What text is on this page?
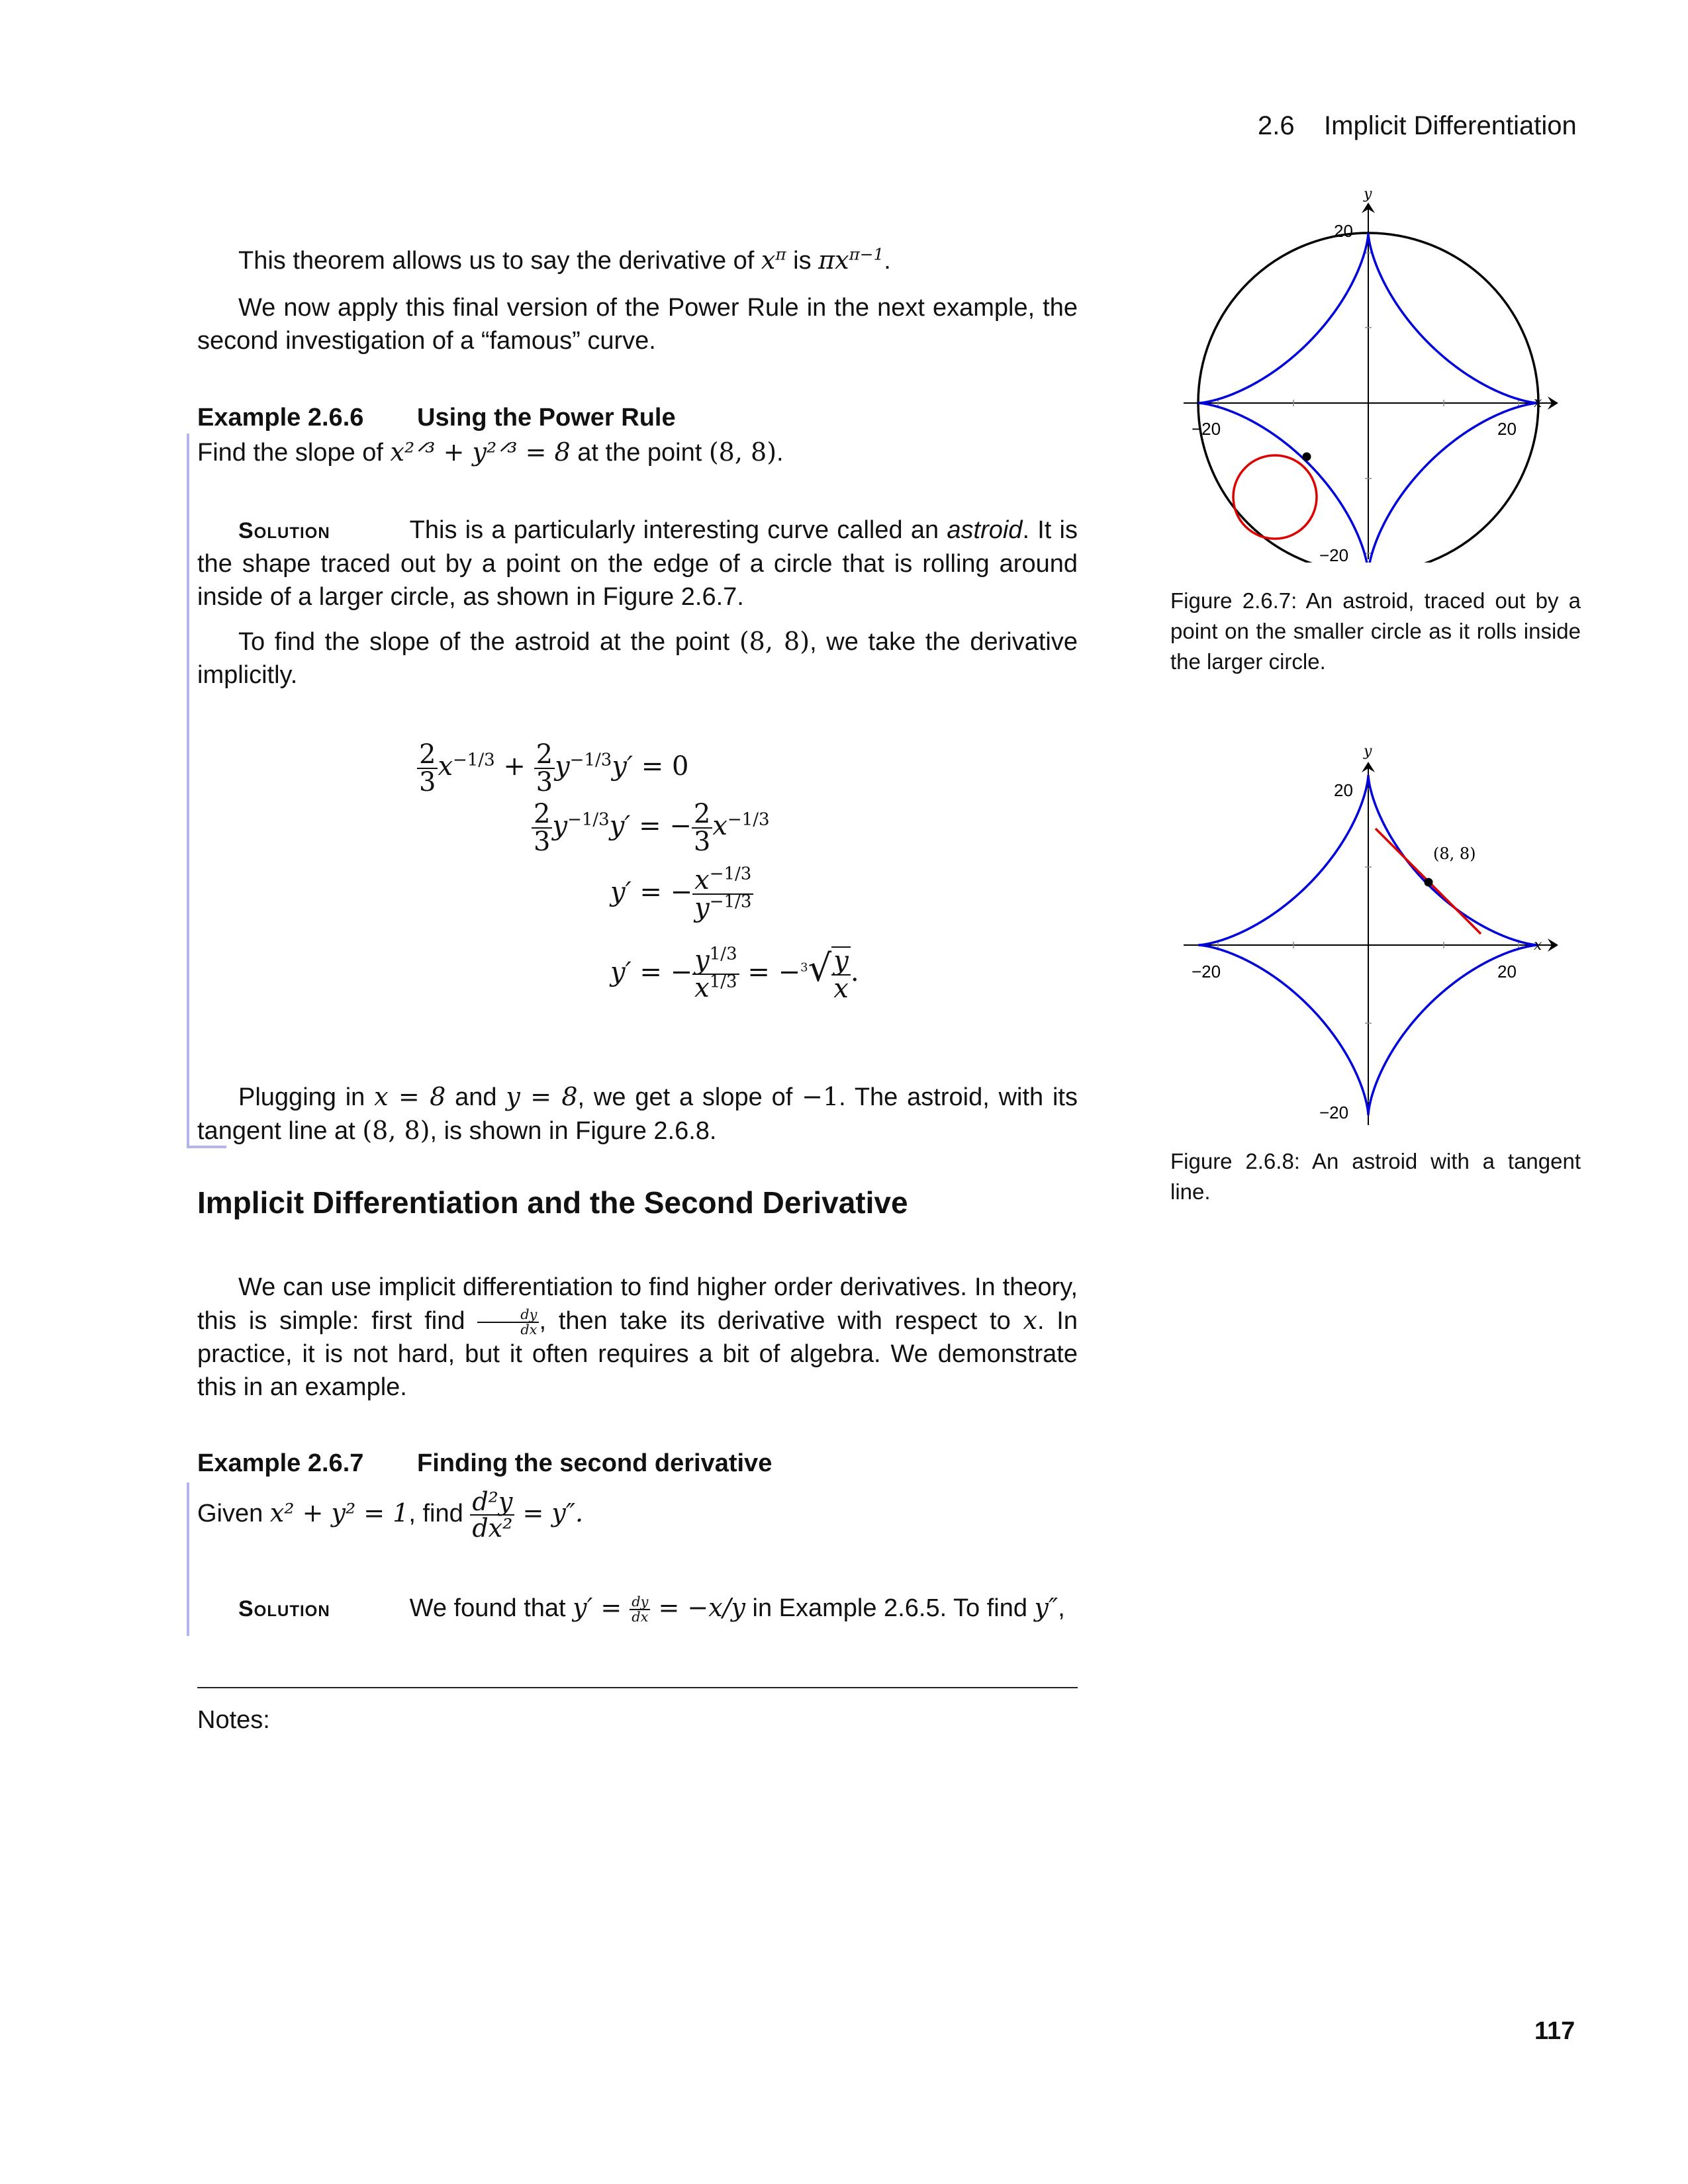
2.6    Implicit Differentiation
This theorem allows us to say the derivative of $x^\pi$ is $\pi x^{\pi-1}$.
We now apply this final version of the Power Rule in the next example, the second investigation of a “famous” curve.
Example 2.6.6 Using the Power Rule
Find the slope of x²ᐟ³ + y²ᐟ³ = 8 at the point (8, 8).
Solution	This is a particularly interesting curve called an astroid. It is the shape traced out by a point on the edge of a circle that is rolling around inside of a larger circle, as shown in Figure 2.6.7.
To find the slope of the astroid at the point (8, 8), we take the derivative implicitly.
$\frac{2}{3} x^{-1/3} + \frac{2}{3} y^{-1/3}y' = 0$
$\frac{2}{3} y^{-1/3}y'$ = − $\frac{2}{3} x^{-1/3}$
y′ = − $\frac{x^{-1/3}}{y^{-1/3}}$
y′ = − $\frac{y^{1/3}}{x^{1/3}} = -^3√ \frac{y}{x}$ .
Plugging in x = 8 and y = 8, we get a slope of −1. The astroid, with its tangent line at (8, 8), is shown in Figure 2.6.8.
Implicit Differentiation and the Second Derivative
We can use implicit differentiation to find higher order derivatives. In theory, this is simple: first find $\frac{dy}{dx}$ , then take its derivative with respect to x. In practice, it is not hard, but it often requires a bit of algebra. We demonstrate this in an example.
Example 2.6.7 Finding the second derivative
Given x² + y² = 1, find $\frac{\text{d²y}}{\text{dx²}} = y''$.
Solution	We found that $y' = \frac{dy}{dx} = -x/y$ in Example 2.6.5. To find y″,
Notes:
x
y
−20	20
20
−20
Figure 2.6.7: An astroid, traced out by a point on the smaller circle as it rolls inside the larger circle.
(8, 8)
x
y
−20	20
20
−20
Figure 2.6.8: An astroid with a tangent line.
117
